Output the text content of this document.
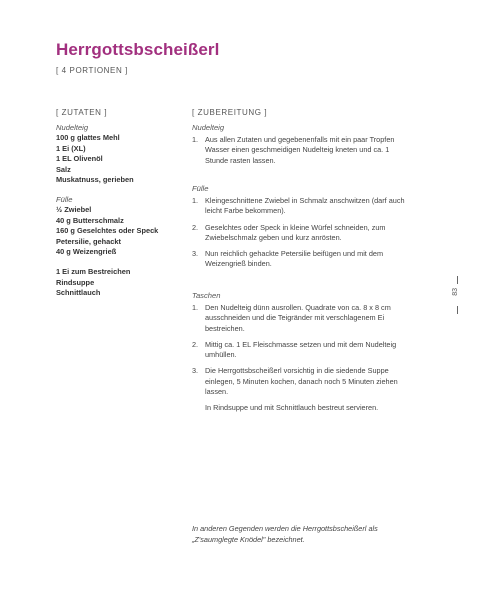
Herrgottsbscheißerl
[ 4 PORTIONEN ]
[ ZUTATEN ]
Nudelteig
100 g glattes Mehl
1 Ei (XL)
1 EL Olivenöl
Salz
Muskatnuss, gerieben
Fülle
½ Zwiebel
40 g Butterschmalz
160 g Geselchtes oder Speck
Petersilie, gehackt
40 g Weizengrieß
1 Ei zum Bestreichen
Rindsuppe
Schnittlauch
[ ZUBEREITUNG ]
Nudelteig
1. Aus allen Zutaten und gegebenenfalls mit ein paar Tropfen Wasser einen geschmeidigen Nudelteig kneten und ca. 1 Stunde rasten lassen.
Fülle
1. Kleingeschnittene Zwiebel in Schmalz anschwitzen (darf auch leicht Farbe bekommen).
2. Geselchtes oder Speck in kleine Würfel schneiden, zum Zwiebelschmalz geben und kurz anrösten.
3. Nun reichlich gehackte Petersilie beifügen und mit dem Weizengrieß binden.
Taschen
1. Den Nudelteig dünn ausrollen. Quadrate von ca. 8 x 8 cm ausschneiden und die Teigränder mit verschlagenem Ei bestreichen.
2. Mittig ca. 1 EL Fleischmasse setzen und mit dem Nudelteig umhüllen.
3. Die Herrgottsbscheißerl vorsichtig in die siedende Suppe einlegen, 5 Minuten kochen, danach noch 5 Minuten ziehen lassen.
In Rindsuppe und mit Schnittlauch bestreut servieren.
In anderen Gegenden werden die Herrgottsbscheißerl als
„Z'saumglegte Knödel" bezeichnet.
83
